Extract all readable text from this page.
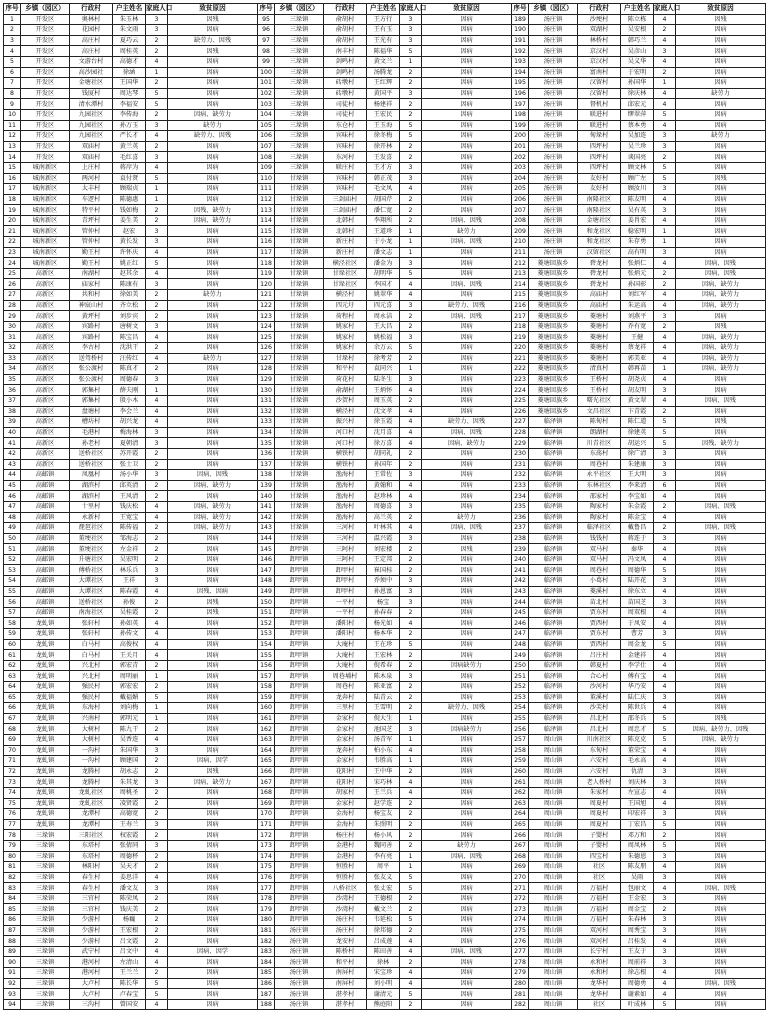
序号	乡镇（园区）	行政村	户主姓名	家庭人口	致贫原因	序号	乡镇（园区）	行政村	户主姓名	家庭人口	致贫原因	序号	乡镇（园区）	行政村	户主姓名	家庭人口	致贫原因
1	开发区	奥林村	朱玉林	3	因残	95	三垛镇	俞胡村	王方行	3	因病	189	汤庄镇	沙埂村	陈立栋	4	因残
2	开发区	花园村	朱文雨	3	因病	96	三垛镇	俞胡村	王有玉	3	因病	190	汤庄镇	双湖村	吴安根	2	因病
3	开发区	高庄村	夏巧云	2	缺劳力、因残	97	三垛镇	俞胡村	王光有	3	因病	191	汤庄镇	林桥村	韩巧兰	4	因病
4	开发区	高庄村	周桂英	2	因残	98	三垛镇	南丰村	陈福华	5	因病	192	汤庄镇	京汉村	吴彦山	3	因病
5	开发区	文游台村	高德才	4	因病	99	三垛镇	剑鸣村	黄文兰	1	因病	193	汤庄镇	京汉村	吴义华	4	因病
6	开发区	高沙园社	徐涵	1	因病	100	三垛镇	剑鸣村	汤腾龙	2	因病	194	汤庄镇	富南村	于宏明	2	因病
7	开发区	金塘社区	王国华	2	因病	101	三垛镇	砖墩村	王红辉	2	因病	195	汤庄镇	汉留村	孙国华	1	因病
8	开发区	钱厦村	周达琴	5	因病	102	三垛镇	砖墩村	黄国平	3	因病	196	汤庄镇	汉留村	徐庆林	4	缺劳力
9	开发区	清水潭村	李福安	5	因病	103	三垛镇	司徒村	杨建祥	2	因病	197	汤庄镇	督机村	邱宏元	4	因病
10	开发区	九园社区	李传海	2	因病、缺劳力	104	三垛镇	司徒村	王宏民	2	因病	198	汤庄镇	联进村	缪翠萍	5	因病
11	开发区	九园社区	孙万玉	3	缺劳力	105	三垛镇	东仓村	王玉海	5	因病	199	汤庄镇	联进村	蔡本勇	4	因病
12	开发区	九园社区	严长才	4	缺劳力、因残	106	三垛镇	宾味村	徐冬梅	5	因病	200	汤庄镇	甸垛村	吴加连	3	缺劳力
13	开发区	双庙村	黄兰英	2	因病	107	三垛镇	宾味村	徐开林	2	因病	201	汤庄镇	四坪村	吴兰珍	3	因病
14	开发区	双庙村	毛红喜	3	因病	108	三垛镇	东河村	王发喜	2	因病	202	汤庄镇	四坪村	谈国亮	2	因病
15	城南新区	上庄村	蒋岸为	4	因病	109	三垛镇	联庄村	王才方	3	因病	203	汤庄镇	四坪村	顾文林	5	因病
16	城南新区	两河村	袁付贤	5	因病	110	甘垛镇	宾味村	韩正茂	3	因病	204	汤庄镇	友好村	顾广左	5	因残
17	城南新区	太丰村	顾瑞贞	1	因病	111	甘垛镇	宾味村	毛文凤	4	因病	205	汤庄镇	友好村	顾汝川	3	因病
18	城南新区	车逻村	陈德惠	1	因病	112	甘垛镇	三剑庙村	胡国芹	2	因病	206	汤庄镇	南隆社区	陈友明	4	因病
19	城南新区	特平村	钱如梅	2	因残、缺劳力	113	甘垛镇	三剑庙村	潘仁宽	2	因病	207	汤庄镇	南隆社区	吴有英	3	因病
20	城南新区	青坪村	姜生美	2	因病、缺劳力	114	甘垛镇	北韩村	李翔所	2	因病、因残	208	汤庄镇	金塘社区	姜肖宏	4	因病
21	城南新区	管仲村	赵宏	3	因病	115	甘垛镇	北韩村	王道珍	1	缺劳力	209	汤庄镇	和龙社区	稳宏明	1	因病
22	城南新区	管仲村	黄长发	3	因病	116	甘垛镇	新庄村	于小龙	1	因病、因残	210	汤庄镇	和龙社区	朱存勇	1	因病
23	城南新区	勤王村	许怀庆	4	因病	117	甘垛镇	新庄村	潘文志	1	因病	211	汤庄镇	汉留社区	高有明	3	因病
24	城南新区	勤王村	姚正红	5	因病	118	甘垛镇	横泾社区	潘金为	3	因病	212	菱塘回族乡	碧龙村	张炳仁	4	因病、因残
25	高新区	南湖村	赵其余	4	因病	119	甘垛镇	甘垛社区	胡明华	5	因病	213	菱塘回族乡	碧龙村	张炳元	2	因病、因残
26	高新区	庙家村	陈康有	3	因病	120	甘垛镇	甘垛社区	李国才	4	因病、因残	214	菱塘回族乡	碧龙村	孙国彰	2	因病、缺劳力
27	高新区	共和村	徐如美	2	缺劳力	121	甘垛镇	横泾村	姚翠华	4	因病	215	菱塘回族乡	高庙村	刘红军	4	因病、缺劳力
28	高新区	神宸山村	齐立松	2	因病	122	甘垛镇	四元圩	四元喜	3	缺劳力、因残	216	菱塘回族乡	高庙村	朱运高	4	因病、缺劳力
29	高新区	黄坪村	刘步宾	2	因病	123	甘垛镇	荷程村	周永洁	2	因病、因残	217	菱塘回族乡	菱塘村	刘燕平	3	因病
30	高新区	宾路村	唐树文	3	因病	124	甘垛镇	姚家村	王大昌	2	因病	218	菱塘回族乡	菱塘村	乔有宽	2	因残
31	高新区	宾路村	陈宝昌	4	因病	125	甘垛镇	姚家村	姚松福	3	因病	219	菱塘回族乡	菱塘村	王健	4	因病、缺劳力
32	高新区	李古村	沈洪干	2	因病	126	甘垛镇	姚家村	余万云	5	因病	220	菱塘回族乡	菱塘村	蔡龙祥	4	因病、缺劳力
33	高新区	送驾桥村	汪传红	4	缺劳力	127	甘垛镇	甘垛村	徐考芳	2	因病	221	菱塘回族乡	菱塘村	郭美亚	4	因病、缺劳力
34	高新区	张公渡村	陈真才	2	因病	128	甘垛镇	和平村	袁同兴	1	因病	222	菱塘回族乡	清真村	韩再苗	1	因病、缺劳力
35	高新区	张公渡村	周德春	3	因病	129	甘垛镇	荷花村	陆冬生	3	因病	223	菱塘回族乡	王桥村	胡尧贞	4	因病
36	高新区	郭集村	薛夫刚	1	因病	130	甘垛镇	俞湖村	王炳怀	4	因病	224	菱塘回族乡	王桥村	胡友明	3	因病
37	高新区	郭集村	殷小木	4	因病	131	甘垛镇	沙贺村	周玉英	2	因病	225	菱塘回族乡	曙光社区	黄文翠	4	因病、因残
38	高新区	盘塘村	李会兰	4	因病	132	甘垛镇	横泾村	沈文孝	4	因病	226	菱塘回族乡	文昌社区	卞青霞	2	因病
39	高新区	槽坊村	胡兴龙	4	因病	133	甘垛镇	振兴村	徐玉霞	4	缺劳力、因残	227	临泽镇	陈甸村	陈仁道	5	因残
40	高新区	毛港村	梅海林	3	因病	134	甘垛镇	河口村	沈月喜	4	因病、因残	228	临泽镇	朗湖村	徐建英	5	因病
41	高新区	孙老村	夏朝清	3	因病	135	甘垛镇	河口村	徐万喜	4	因病、缺劳力	229	临泽镇	川青社区	胡运兴	5	因残、缺劳力
42	高新区	送桥社区	苏开霞	2	因病	136	甘垛镇	横铁村	胡同礼	2	因病	230	临泽镇	东荡村	徐广清	3	因病
43	高新区	送桥社区	张士卫	2	因病	137	甘垛镇	横铁村	孙国年	2	因病	231	临泽镇	周巷村	朱建康	3	因病
44	高邮镇	凤凰村	汤小华	3	因病、因残	138	甘垛镇	渔海村	王常佐	3	因病	232	临泽镇	永平社区	王大明	3	因病
45	高邮镇	湖滨村	邱英清	2	因病、缺劳力	139	甘垛镇	渔海村	黄翰和	4	因病	233	临泽镇	东林社区	李来清	6	因病
46	高邮镇	湖滨村	王风清	2	因病	140	甘垛镇	渔海村	赵珍林	4	因病	234	临泽镇	邵家村	李宝如	4	因病
47	高邮镇	十里村	钱庆松	4	因病、缺劳力	141	甘垛镇	渔海村	周德喜	3	因病	235	临泽镇	陶家村	朱金霞	2	因病、因残
48	高邮镇	永新村	王宽宝	4	因病、缺劳力	142	甘垛镇	渔海村	高兰英	2	缺劳力	236	临泽镇	陶家村	陈金宝	4	因病
49	高邮镇	琵琶社区	陈传福	2	因病、缺劳力	143	甘垛镇	三河村	叶林其	4	因病、因残	237	临泽镇	临泽社区	戴鲁昌	2	因病、因残
50	高邮镇	董埂社区	邹海志	2	因病	144	甘垛镇	三河村	温兴霞	3	因病	238	临泽镇	钱钱村	蒋连于	3	因病
51	高邮镇	董埂社区	左金祥	2	因病	145	卸甲镇	三阿村	刘宏楼	2	因残	239	临泽镇	双马村	秦华	4	因病
52	高邮镇	升塘社区	吴宏明	2	因病	146	卸甲镇	三阿村	王定邦	2	因病	240	临泽镇	双马村	冯文凤	4	因病
53	高邮镇	傅桥社区	林乐兵	3	因病	147	卸甲镇	卸甲村	崔国桂	2	因病	241	临泽镇	周巷村	周德华	5	因病
54	高邮镇	大谭社区	王祥	3	因病	148	卸甲镇	卸甲村	乔须中	3	因病	242	临泽镇	小葛村	陆开花	3	因病
55	高邮镇	大谭社区	陈春霞	4	因残、因病	149	卸甲镇	卸甲村	孙恩富	3	因病	243	临泽镇	菱溪村	徐东立	4	因病
56	高邮镇	送桥社区	孙俊	2	因残	150	卸甲镇	一平村	杨宝	3	因病	244	临泽镇	苗北村	苗国芝	3	因病
57	高邮镇	南海社区	吴桂霞	2	因残	151	卸甲镇	一平村	孙春春	2	因病	245	临泽镇	贾东村	周双根	4	因病
58	龙虬镇	张轩村	孙如英	4	因病	152	卸甲镇	潘阳村	杨光如	4	因病	246	临泽镇	贾西村	于凤安	4	因病
59	龙虬镇	张轩村	孙传文	4	因病	153	卸甲镇	潘阳村	杨本华	2	因病	247	临泽镇	贾东村	曹芳	3	因病
60	龙虬镇	白马村	高俊权	4	因病	154	卸甲镇	大庵村	王在珍	5	因病	248	临泽镇	贾西村	周金龙	5	因病
61	龙虬镇	白马村	王关月	4	因病	155	卸甲镇	大庵村	王宏林	2	因病	249	临泽镇	吕庄村	金建祥	4	因病
62	龙虬镇	兴北村	郭宏青	2	因病	156	卸甲镇	大庵村	倪希春	2	因病缺劳力	250	临泽镇	韩夏村	李学仕	4	因病
63	龙虬镇	兴北村	周明丽	1	因病	157	卸甲镇	周巷埔村	陈木泉	3	因病	251	临泽镇	合心村	傅有宝	4	因病
64	龙虬镇	强民村	郭宏宏	2	因病	158	卸甲镇	周巷村	陈亚富	2	因病	252	临泽镇	沙河村	华乃安	4	因病
65	龙虬镇	强民村	戴福媚	5	因病	159	卸甲镇	龙奔村	陆青云	2	因病	253	临泽镇	董溪村	陆仁庆	3	因病
66	龙虬镇	东海村	刘向梅	1	因病	160	卸甲镇	三里村	王雪明	2	缺劳力、因残	254	临泽镇	沙芙村	陈世兵	4	因病
67	龙虬镇	兴南村	郭明元	1	因病	161	卸甲镇	金家村	倪大生	1	因病	255	临泽镇	昌北村	邵冬兵	5	因残
68	龙虬镇	大树村	陈九干	2	因病	162	卸甲镇	金家村	池国芝	3	因病缺劳力	256	临泽镇	昌北村	周忠才	5	因病、缺劳力、因残
69	龙虬镇	大树村	吴香连	4	因病	163	卸甲镇	金家村	汤青军	1	因病	257	周山镇	川南社区	陈克克	5	因病、缺劳力
70	龙虬镇	一沟村	朱国华	3	因病	164	卸甲镇	龙奔村	柏小东	4	因病	258	周山镇	东甸村	董荣宝	4	因病
71	龙虬镇	一沟村	顾建国	2	因病、因学	165	卸甲镇	金家村	韦胜高	1	因病	259	周山镇	六安村	毛永高	4	因病
72	龙虬镇	龙腾村	胡永志	2	因残	166	卸甲镇	花阳村	王中华	2	因病	260	周山镇	六安村	仇清	3	因病
73	龙虬镇	龙腾村	朱其龙	3	因病、缺劳力	167	卸甲镇	花阳村	宋巧林	4	因病	261	周山镇	老人桥村	刘庆林	3	因病
74	龙虬镇	龙虬社区	周桃圣	2	因病	168	卸甲镇	胡家村	王兰兵	4	因病	262	周山镇	朱家村	左宣志	4	因病
75	龙虬镇	龙虬社区	凌贤霞	2	因病	169	卸甲镇	金家村	赵学连	2	因病	263	周山镇	周夏村	王国旭	4	因病
76	龙虬镇	龙潭村	高德宽	2	因病	170	卸甲镇	金海村	杨宝友	2	因病	264	周山镇	周夏村	印宏祥	3	因病
77	龙虬镇	龙潭村	王寿兰	3	因病	171	卸甲镇	金海村	朱照明	2	因病	265	周山镇	周夏村	丁宏昌	5	因病
78	三垛镇	三阳社区	权宏霞	2	因病	172	卸甲镇	杨庄村	杨小风	2	因病	266	周山镇	子婴村	邓万和	2	因病
79	三垛镇	东塔村	张倩同	3	因病	173	卸甲镇	金港村	魏同善	2	缺劳力	267	周山镇	子婴村	周凤林	5	因病
80	三垛镇	东塔村	周德杯	2	因病	174	卸甲镇	金港村	李有亮	1	因病、因残	268	周山镇	四宝村	朱德恩	3	因病
81	三垛镇	林阳村	吴天才	2	因病	175	卸甲镇	恒胜村	周平	1	因病	269	周山镇	社区	陈友朋	4	因病
82	三垛镇	春生村	姜思洋	4	因病	176	卸甲镇	恒胜村	张友义	5	因病	270	周山镇	社区	吴雨	3	因病
83	三垛镇	春生村	潘文友	3	因病	177	卸甲镇	八桥社区	张丈宏	5	因病	271	周山镇	万福村	包丽文	4	因病、因残
84	三垛镇	三官村	陈荣凤	2	因病	178	卸甲镇	沙湾村	王德根	2	因病	272	周山镇	万福村	王金宏	3	因病
85	三垛镇	三官村	钱庆美	2	因病	179	卸甲镇	沙湾村	戴文兰	2	因病	273	周山镇	万福村	周金宝	2	因病
86	三垛镇	少游村	杨巍	2	因病	180	卸甲镇	汤庄村	韦延松	5	因病	274	周山镇	万福村	朱春林	3	因病
87	三垛镇	少游村	王宏根	2	因病	181	汤庄镇	汤庄村	徐邦德	2	因病	275	周山镇	双河村	周秀宝	3	因病
88	三垛镇	少游村	吕文霞	2	因病	182	汤庄镇	龙安村	吕成莲	4	因病	276	周山镇	双河村	吕桂发	4	因病
89	三垛镇	武宁村	吕文中	4	因病、因学	183	汤庄镇	陈桥村	陈田善	4	因病、因残	277	周山镇	长宁村	王友于	3	因病
90	三垛镇	港河村	左清山	4	因病	184	汤庄镇	和平村	徐林	2	因病	278	周山镇	永和村	周前祥	3	因病
91	三垛镇	港河村	王兰兰	2	因病	185	汤庄镇	南屏村	宋宝珍	4	因病	279	周山镇	永和村	徐志根	4	因病
92	三垛镇	大卢村	陈长华	5	因病	186	汤庄镇	南屏村	刘小明	4	因病	280	周山镇	龙华村	周德勇	4	因病、因残
93	三垛镇	大卢村	卢春宝	5	因病	187	汤庄镇	湛孝村	谢清元	5	因病	281	周山镇	龙华村	谢素如	4	因病
94	三垛镇	三沟村	曾国安	4	因病	188	汤庄镇	湛孝村	熊庭阳	2	因病	282	周山镇	社区	叶成林	5	因病
